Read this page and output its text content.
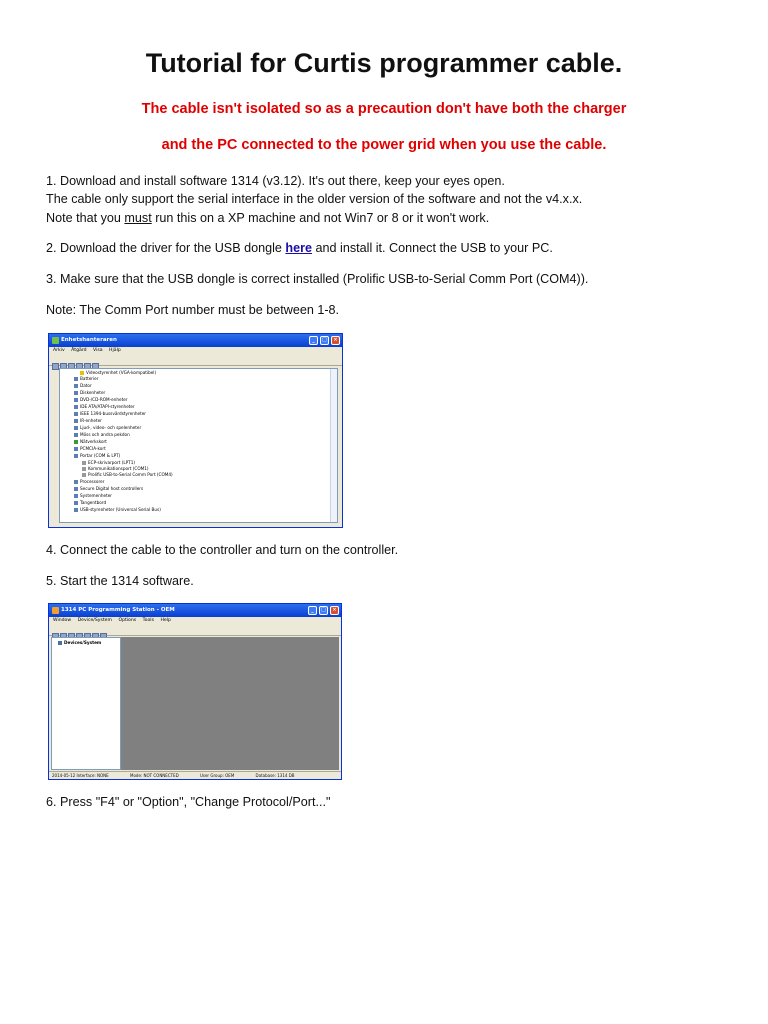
Tutorial for Curtis programmer cable.
The cable isn't isolated so as a precaution don't have both the charger
and the PC connected to the power grid when you use the cable.
1. Download and install software 1314 (v3.12). It's out there, keep your eyes open.
The cable only support the serial interface in the older version of the software and not the v4.x.x.
Note that you must run this on a XP machine and not Win7 or 8 or it won't work.
2. Download the driver for the USB dongle here and install it. Connect the USB to your PC.
3. Make sure that the USB dongle is correct installed (Prolific USB-to-Serial Comm Port (COM4)).
Note: The Comm Port number must be between 1-8.
Enhetshanteraren	_	□	×
Arkiv Åtgärd Visa Hjälp
Videostyrenhet (VGA-kompatibel)
Batterier
Dator
Diskenheter
DVD-/CD-ROM-enheter
IDE ATA/ATAPI-styrenheter
IEEE 1394-bussvärdstyrenheter
IR-enheter
Ljud-, video- och spelenheter
Möss och andra pekdon
Nätverkskort
PCMCIA-kort
Portar (COM & LPT)
ECP-skrivarport (LPT1)
Kommunikationsport (COM1)
Prolific USB-to-Serial Comm Port (COM4)
Processorer
Secure Digital host controllers
Systemenheter
Tangentbord
USB-styrenheter (Universal Serial Bus)
4. Connect the cable to the controller and turn on the controller.
5. Start the 1314 software.
1314 PC Programming Station - OEM	_	□	×
Window Device/System Options Tools Help
Devices/System
2014-05-12 Interface: NONE	Mode: NOT CONNECTED	User Group: OEM	Database: 1314 DB
6. Press "F4" or "Option", "Change Protocol/Port..."
